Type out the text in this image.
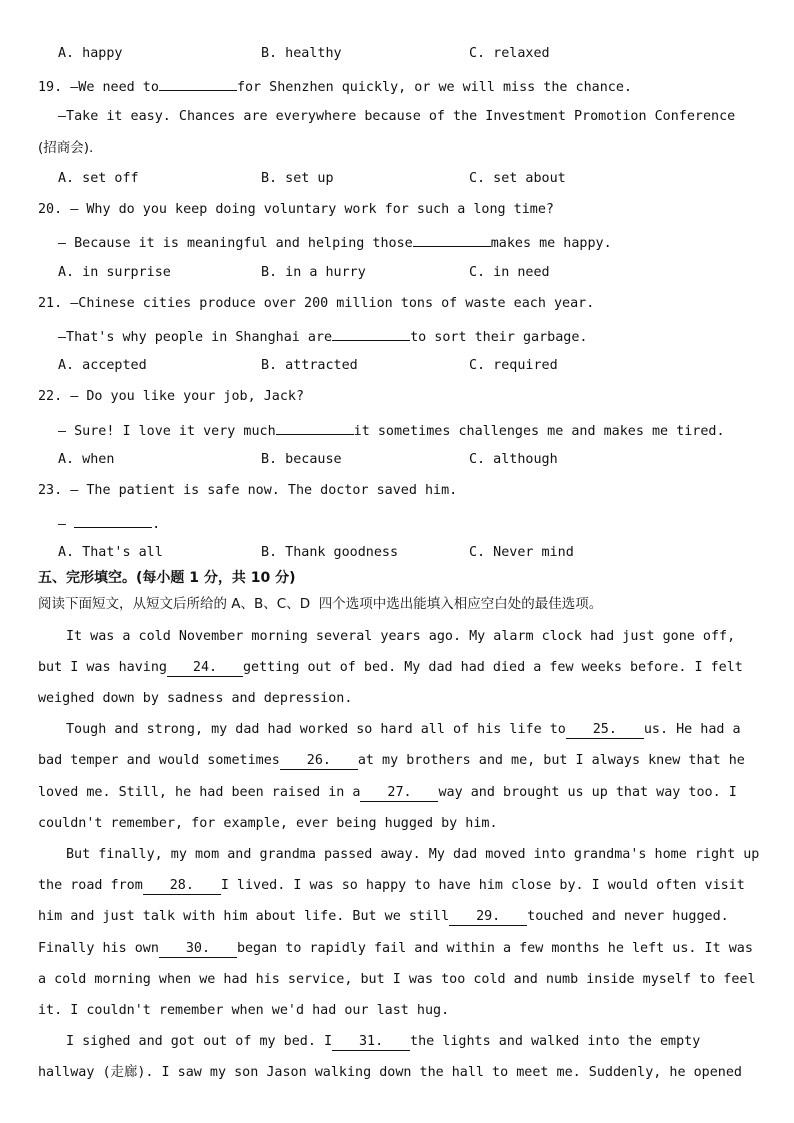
A. happy	B. healthy	C. relaxed
19. —We need to	for Shenzhen quickly, or we will miss the chance.
—Take it easy. Chances are everywhere because of the Investment Promotion Conference
(招商会).
A. set off	B. set up	C. set about
20. — Why do you keep doing voluntary work for such a long time?
— Because it is meaningful and helping those	makes me happy.
A. in surprise	B. in a hurry	C. in need
21. —Chinese cities produce over 200 million tons of waste each year.
—That's why people in Shanghai are	to sort their garbage.
A. accepted	B. attracted	C. required
22. — Do you like your job, Jack?
— Sure! I love it very much	it sometimes challenges me and makes me tired.
A. when	B. because	C. although
23. — The patient is safe now. The doctor saved him.
—	.
A. That's all	B. Thank goodness	C. Never mind
五、完形填空。(每小题 1 分，共 10 分)
阅读下面短文，从短文后所给的 A、B、C、D  四个选项中选出能填入相应空白处的最佳选项。
It was a cold November morning several years ago. My alarm clock had just gone off,
but I was having 24. getting out of bed. My dad had died a few weeks before. I felt
weighed down by sadness and depression.
Tough and strong, my dad had worked so hard all of his life to 25. us. He had a
bad temper and would sometimes 26. at my brothers and me, but I always knew that he
loved me. Still, he had been raised in a 27. way and brought us up that way too. I
couldn't remember, for example, ever being hugged by him.
But finally, my mom and grandma passed away. My dad moved into grandma's home right up
the road from 28. I lived. I was so happy to have him close by. I would often visit
him and just talk with him about life. But we still 29. touched and never hugged.
Finally his own 30. began to rapidly fail and within a few months he left us. It was
a cold morning when we had his service, but I was too cold and numb inside myself to feel
it. I couldn't remember when we'd had our last hug.
I sighed and got out of my bed. I 31. the lights and walked into the empty
hallway (走廊). I saw my son Jason walking down the hall to meet me. Suddenly, he opened
